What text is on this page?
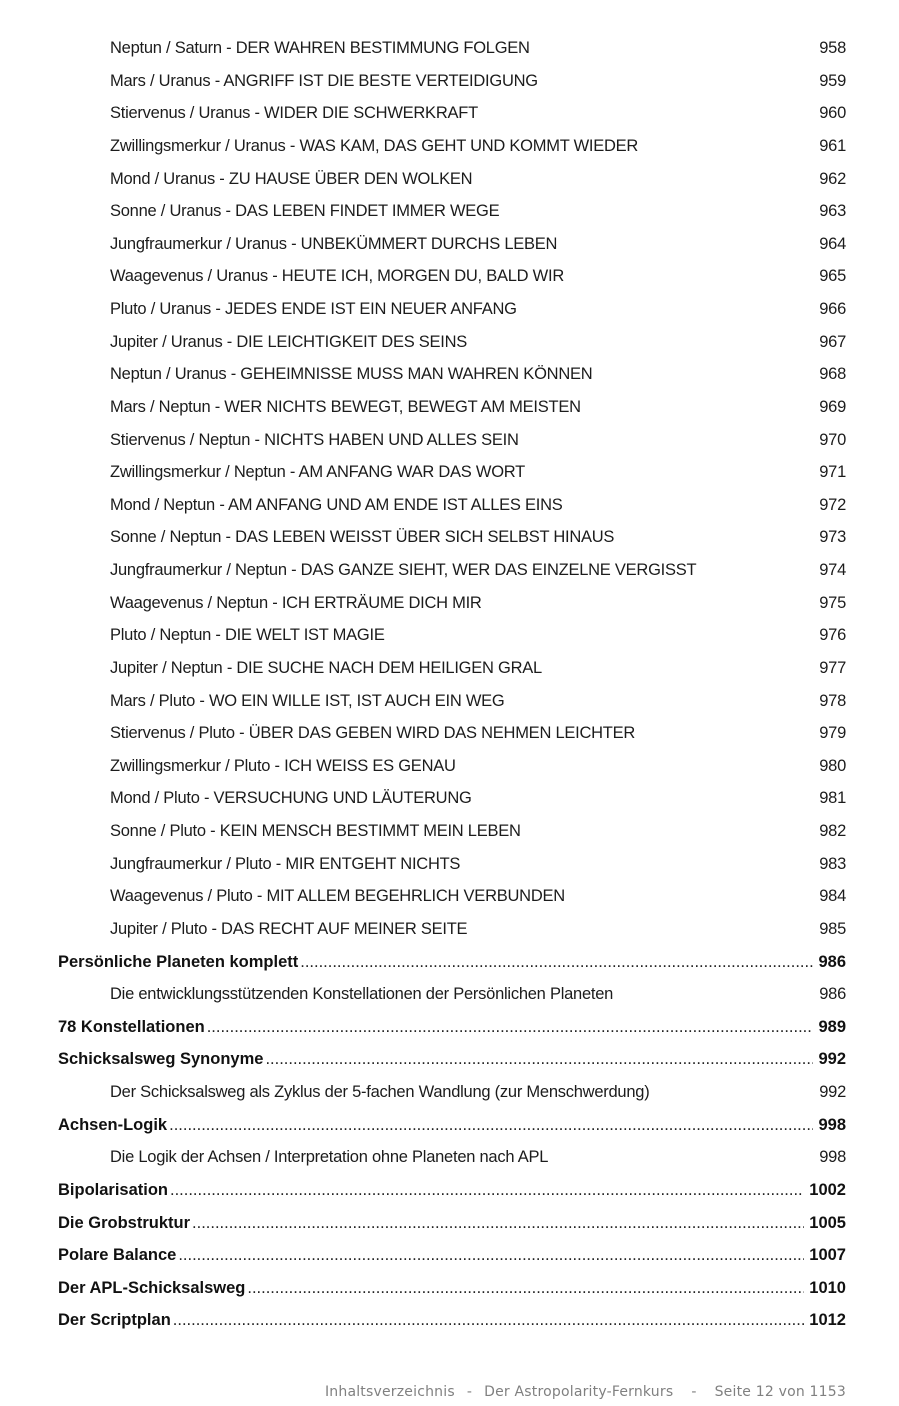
Neptun / Saturn - DER WAHREN BESTIMMUNG FOLGEN	958
Mars / Uranus - ANGRIFF IST DIE BESTE VERTEIDIGUNG	959
Stiervenus / Uranus - WIDER DIE SCHWERKRAFT	960
Zwillingsmerkur / Uranus - WAS KAM, DAS GEHT UND KOMMT WIEDER	961
Mond / Uranus - ZU HAUSE ÜBER DEN WOLKEN	962
Sonne / Uranus - DAS LEBEN FINDET IMMER WEGE	963
Jungfraumerkur / Uranus - UNBEKÜMMERT DURCHS LEBEN	964
Waagevenus / Uranus - HEUTE ICH, MORGEN DU, BALD WIR	965
Pluto / Uranus - JEDES ENDE IST EIN NEUER ANFANG	966
Jupiter / Uranus - DIE LEICHTIGKEIT DES SEINS	967
Neptun / Uranus - GEHEIMNISSE MUSS MAN WAHREN KÖNNEN	968
Mars / Neptun - WER NICHTS BEWEGT, BEWEGT AM MEISTEN	969
Stiervenus / Neptun - NICHTS HABEN UND ALLES SEIN	970
Zwillingsmerkur / Neptun - AM ANFANG WAR DAS WORT	971
Mond / Neptun - AM ANFANG UND AM ENDE IST ALLES EINS	972
Sonne / Neptun - DAS LEBEN WEISST ÜBER SICH SELBST HINAUS	973
Jungfraumerkur / Neptun - DAS GANZE SIEHT, WER DAS EINZELNE VERGISST	974
Waagevenus / Neptun - ICH ERTRÄUME DICH MIR	975
Pluto / Neptun - DIE WELT IST MAGIE	976
Jupiter / Neptun - DIE SUCHE NACH DEM HEILIGEN GRAL	977
Mars / Pluto - WO EIN WILLE IST, IST AUCH EIN WEG	978
Stiervenus / Pluto - ÜBER DAS GEBEN WIRD DAS NEHMEN LEICHTER	979
Zwillingsmerkur / Pluto - ICH WEISS ES GENAU	980
Mond / Pluto - VERSUCHUNG UND LÄUTERUNG	981
Sonne / Pluto - KEIN MENSCH BESTIMMT MEIN LEBEN	982
Jungfraumerkur / Pluto - MIR ENTGEHT NICHTS	983
Waagevenus / Pluto - MIT ALLEM BEGEHRLICH VERBUNDEN	984
Jupiter / Pluto - DAS RECHT AUF MEINER SEITE	985
Persönliche Planeten komplett .....	986
Die entwicklungsstützenden Konstellationen der Persönlichen Planeten	986
78 Konstellationen .....	989
Schicksalsweg Synonyme .....	992
Der Schicksalsweg als Zyklus der 5-fachen Wandlung (zur Menschwerdung)	992
Achsen-Logik .....	998
Die Logik der Achsen / Interpretation ohne Planeten nach APL	998
Bipolarisation .....	1002
Die Grobstruktur .....	1005
Polare Balance .....	1007
Der APL-Schicksalsweg .....	1010
Der Scriptplan .....	1012
Inhaltsverzeichnis - Der Astropolarity-Fernkurs - Seite 12 von 1153
